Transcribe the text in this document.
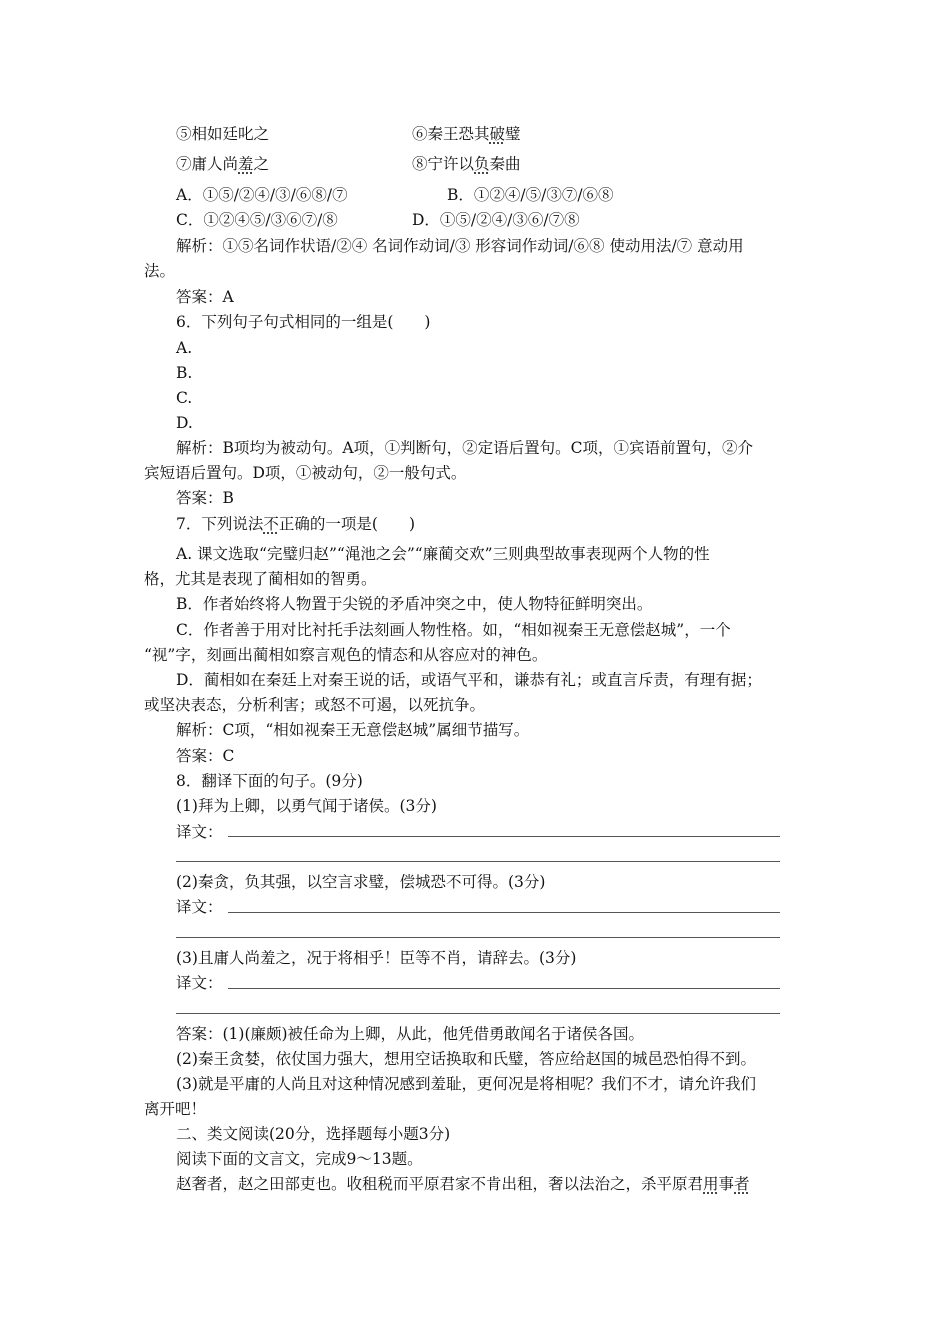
⑤相如廷叱之	⑥秦王恐其破璧
⑦庸人尚羞之	⑧宁许以负秦曲
A．①⑤/②④/③/⑥⑧/⑦	B．①②④/⑤/③⑦/⑥⑧
C．①②④⑤/③⑥⑦/⑧	D．①⑤/②④/③⑥/⑦⑧
解析：①⑤名词作状语/②④ 名词作动词/③ 形容词作动词/⑥⑧ 使动用法/⑦ 意动用
法。
答案：A
6．下列句子句式相同的一组是(　　)
A.
B.
C.
D.
解析：B项均为被动句。A项，①判断句，②定语后置句。C项，①宾语前置句，②介
宾短语后置句。D项，①被动句，②一般句式。
答案：B
7．下列说法不正确的一项是(　　)
A. 课文选取“完璧归赵”“渑池之会”“廉蔺交欢”三则典型故事表现两个人物的性
格，尤其是表现了蔺相如的智勇。
B．作者始终将人物置于尖锐的矛盾冲突之中，使人物特征鲜明突出。
C．作者善于用对比衬托手法刻画人物性格。如，“相如视秦王无意偿赵城”，一个
“视”字，刻画出蔺相如察言观色的情态和从容应对的神色。
D．蔺相如在秦廷上对秦王说的话，或语气平和，谦恭有礼；或直言斥责，有理有据；
或坚决表态，分析利害；或怒不可遏，以死抗争。
解析：C项，“相如视秦王无意偿赵城”属细节描写。
答案：C
8．翻译下面的句子。(9分)
(1)拜为上卿，以勇气闻于诸侯。(3分)
译文：
(2)秦贪，负其强，以空言求璧，偿城恐不可得。(3分)
译文：
(3)且庸人尚羞之，况于将相乎！臣等不肖，请辞去。(3分)
译文：
答案：(1)(廉颇)被任命为上卿，从此，他凭借勇敢闻名于诸侯各国。
(2)秦王贪婪，依仗国力强大，想用空话换取和氏璧，答应给赵国的城邑恐怕得不到。
(3)就是平庸的人尚且对这种情况感到羞耻，更何况是将相呢？我们不才，请允许我们
离开吧！
二、类文阅读(20分，选择题每小题3分)
阅读下面的文言文，完成9～13题。
赵奢者，赵之田部吏也。收租税而平原君家不肯出租，奢以法治之，杀平原君用事者
